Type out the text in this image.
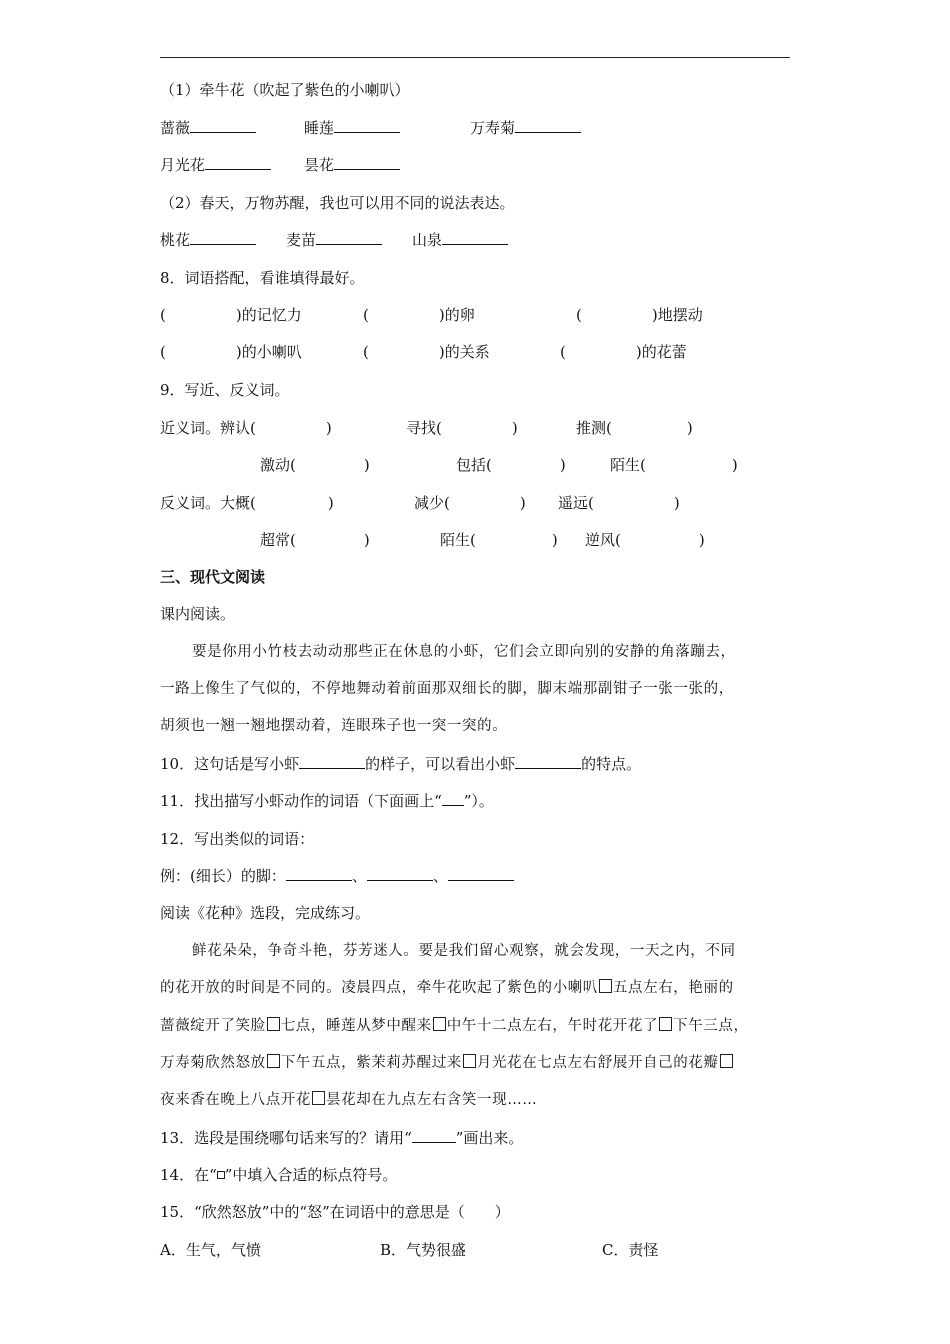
（1）牵牛花（吹起了紫色的小喇叭）
蔷薇	睡莲	万寿菊
月光花	昙花
（2）春天，万物苏醒，我也可以用不同的说法表达。
桃花	麦苗	山泉
8．词语搭配，看谁填得最好。
(	)的记忆力	(	)的卵	(	)地摆动
(	)的小喇叭	(	)的关系	(	)的花蕾
9．写近、反义词。
近义词。辨认(	)	寻找(	)	推测(	)
激动(	)	包括(	)	陌生(	)
反义词。大概(	)	减少(	) 遥远(	)
超常(	)	陌生(	) 逆风(	)
三、现代文阅读
课内阅读。
要是你用小竹枝去动动那些正在休息的小虾，它们会立即向别的安静的角落蹦去，
一路上像生了气似的，不停地舞动着前面那双细长的脚，脚末端那副钳子一张一张的，
胡须也一翘一翘地摆动着，连眼珠子也一突一突的。
10．这句话是写小虾	的样子，可以看出小虾	的特点。
11．找出描写小虾动作的词语（下面画上“ ”）。
12．写出类似的词语：
例：(细长）的脚：	、	、
阅读《花种》选段，完成练习。
鲜花朵朵，争奇斗艳，芬芳迷人。要是我们留心观察，就会发现，一天之内，不同
的花开放的时间是不同的。凌晨四点，牵牛花吹起了紫色的小喇叭 五点左右，艳丽的
蔷薇绽开了笑脸 七点，睡莲从梦中醒来 中午十二点左右，午时花开花了 下午三点，
万寿菊欣然怒放 下午五点，紫茉莉苏醒过来 月光花在七点左右舒展开自己的花瓣
夜来香在晚上八点开花 昙花却在九点左右含笑一现……
13．选段是围绕哪句话来写的？请用“	”画出来。
14．在“ ”中填入合适的标点符号。
15．“欣然怒放”中的“怒”在词语中的意思是（　　）
A．生气，气愤	B．气势很盛	C．责怪
